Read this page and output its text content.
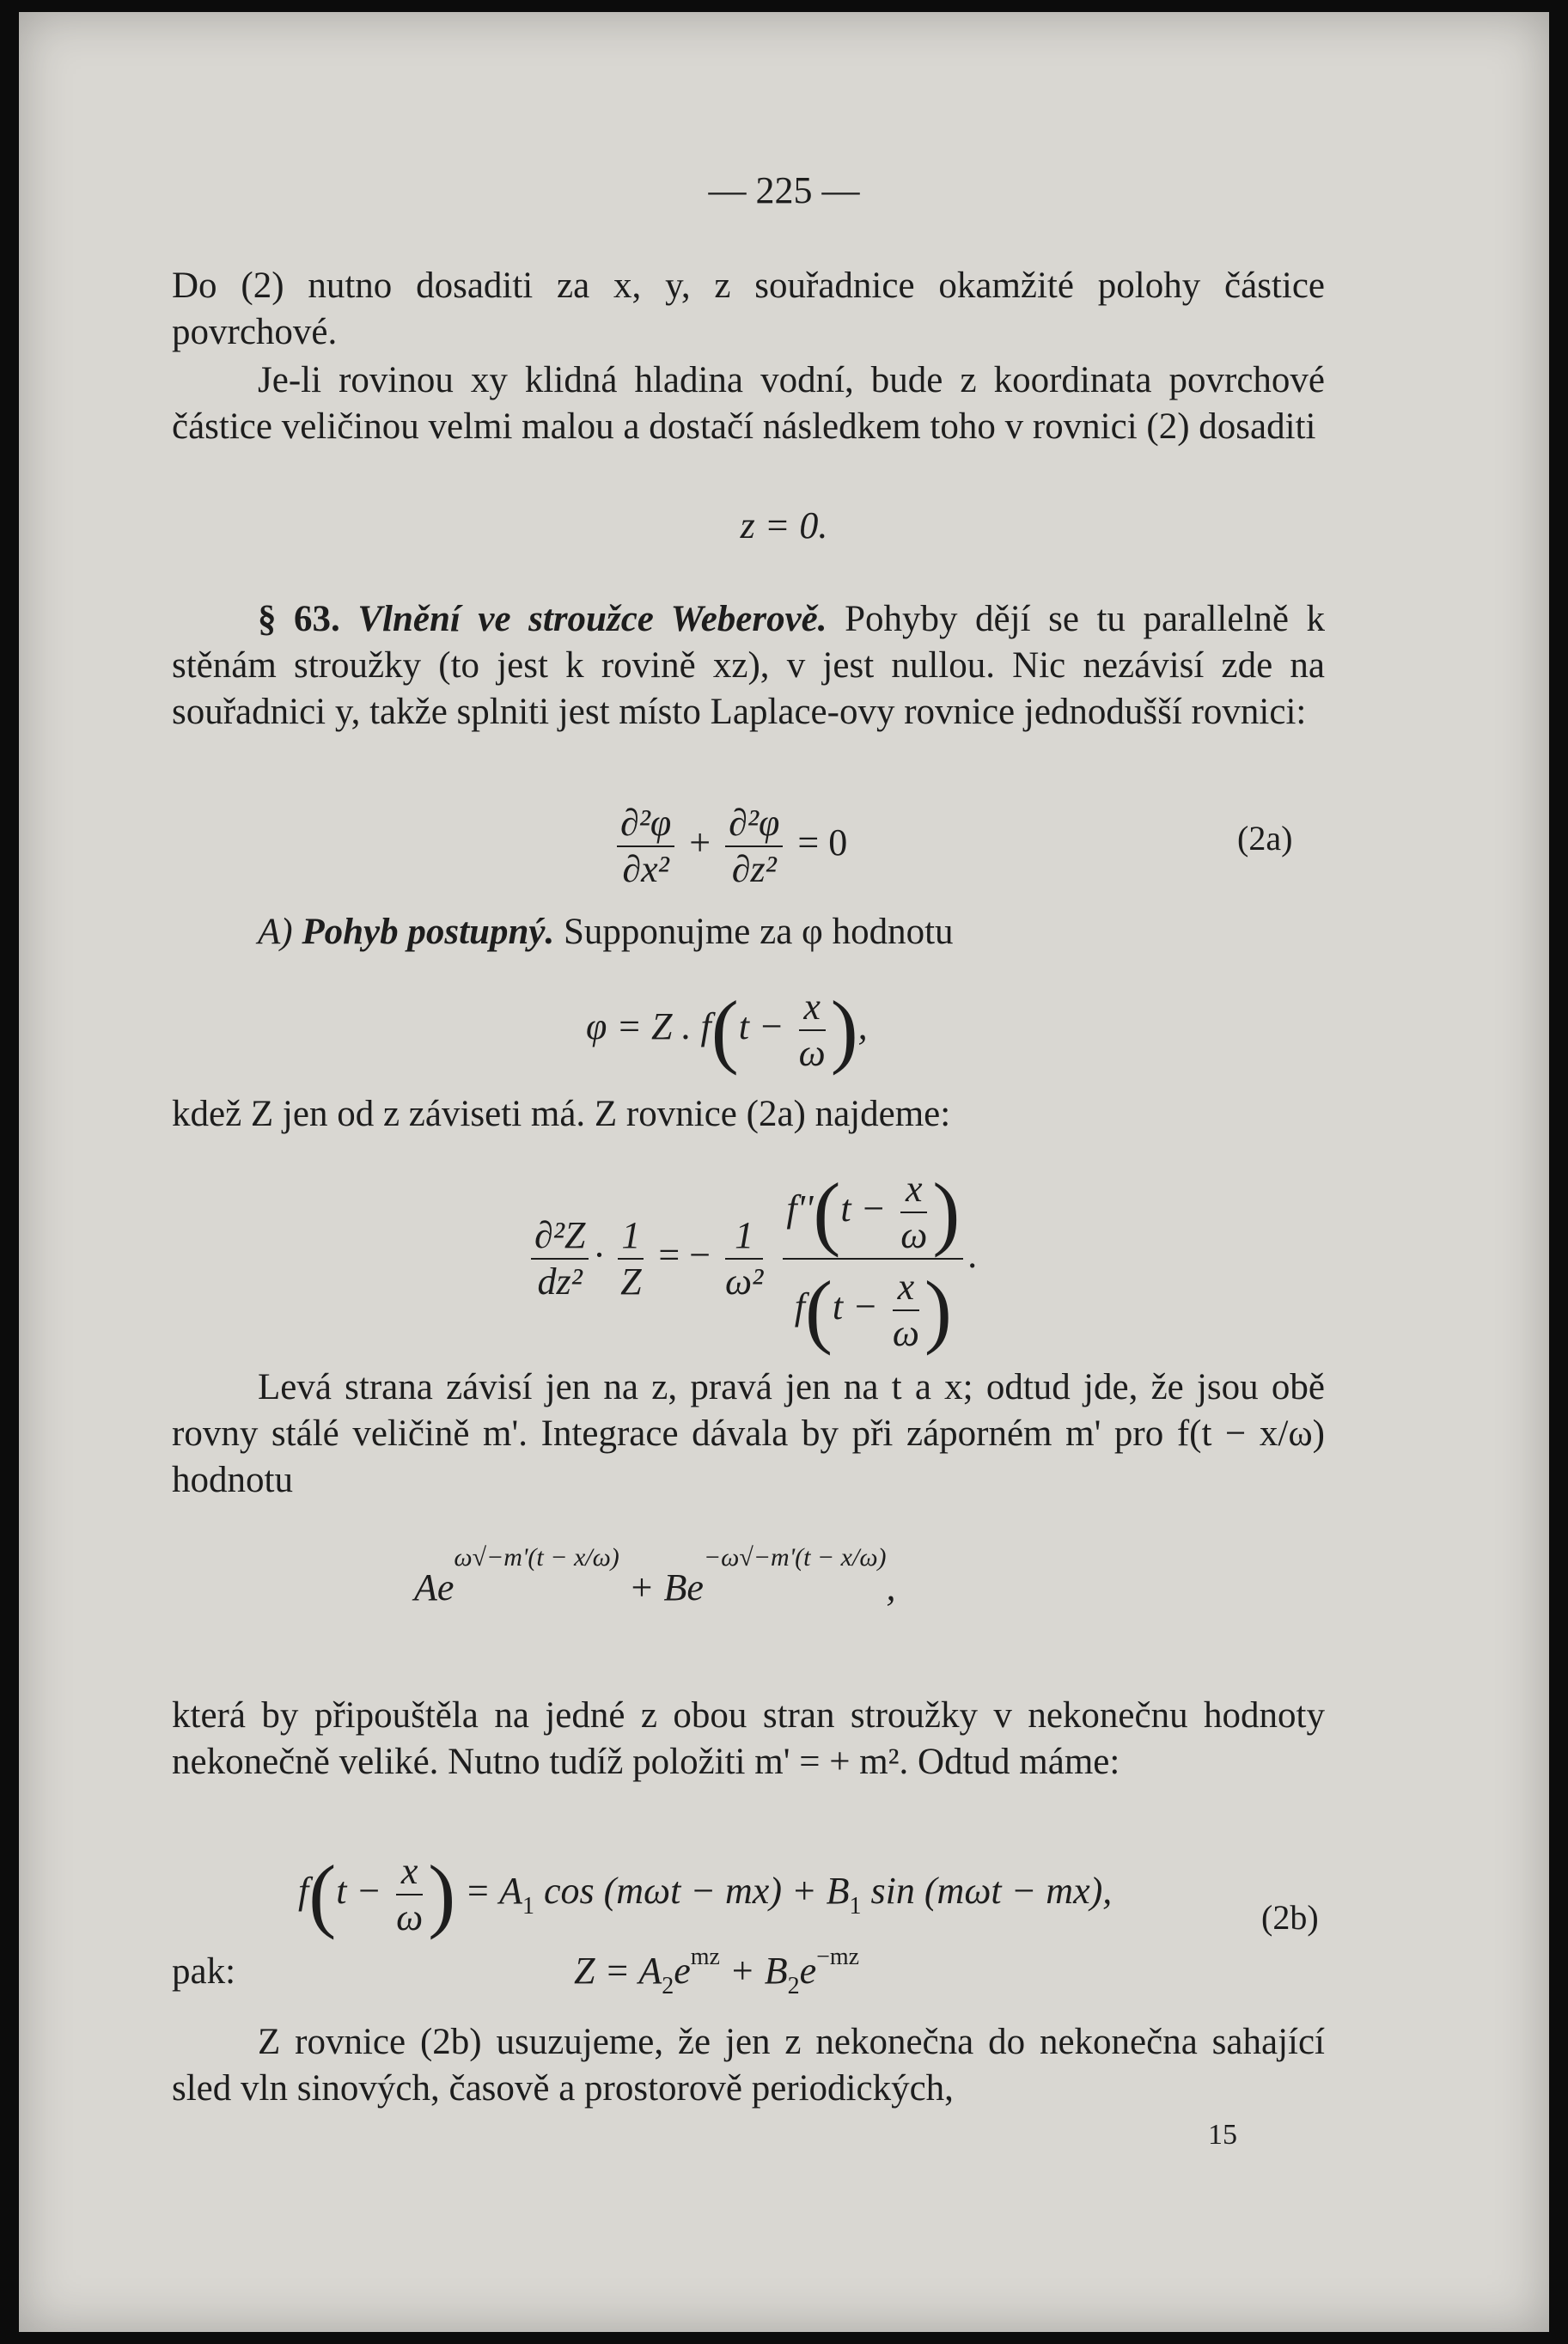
— 225 —

Do (2) nutno dosaditi za x, y, z souřadnice okamžité polohy částice povrchové.

Je-li rovinou xy klidná hladina vodní, bude z koordinata povrchové částice veličinou velmi malou a dostačí následkem toho v rovnici (2) dosaditi

z = 0.

§ 63. Vlnění ve stroužce Weberově. Pohyby dějí se tu parallelně k stěnám stroužky (to jest k rovině xz), v jest nullou. Nic nezávisí zde na souřadnici y, takže splniti jest místo Laplace-ovy rovnice jednodušší rovnici:

$\frac{\text{∂²φ}}{\text{∂x²}} + \frac{\text{∂²φ}}{\text{∂z²}} = 0$	(2a)

A) Pohyb postupný. Supponujme za φ hodnotu

φ = Z . $f(t - \frac{x}{\omega}$ ),

kdež Z jen od z záviseti má. Z rovnice (2a) najdeme:

$\frac{\text{∂²Z}}{\text{dz²}} \cdot \frac{1}{Z}$ = − $\frac{1}{\text{ω²}}$
$\frac{f''(t - \frac{x}{\omega} )}{f(t - \frac{x}{\omega} )}$ .

Levá strana závisí jen na z, pravá jen na t a x; odtud jde, že jsou obě rovny stálé veličině m'. Integrace dávala by při záporném m' pro f(t − x/ω) hodnotu

$Ae^{\omega√-m'(t - x/\omega)} + Be^{-\omega√-m'(t - x/\omega)}$,

která by připouštěla na jedné z obou stran stroužky v nekonečnu hodnoty nekonečně veliké. Nutno tudíž položiti m' = + m². Odtud máme:

$f(t - \frac{x}{\omega}$ ) = $A_1$ $\cos (m\omega t - mx) + B_1$ sin (mωt − mx),
(2b)
pak:	$Z = A_2e^{mz} + B_2e^{-mz}$

Z rovnice (2b) usuzujeme, že jen z nekonečna do nekonečna sahající sled vln sinových, časově a prostorově periodických,

15
